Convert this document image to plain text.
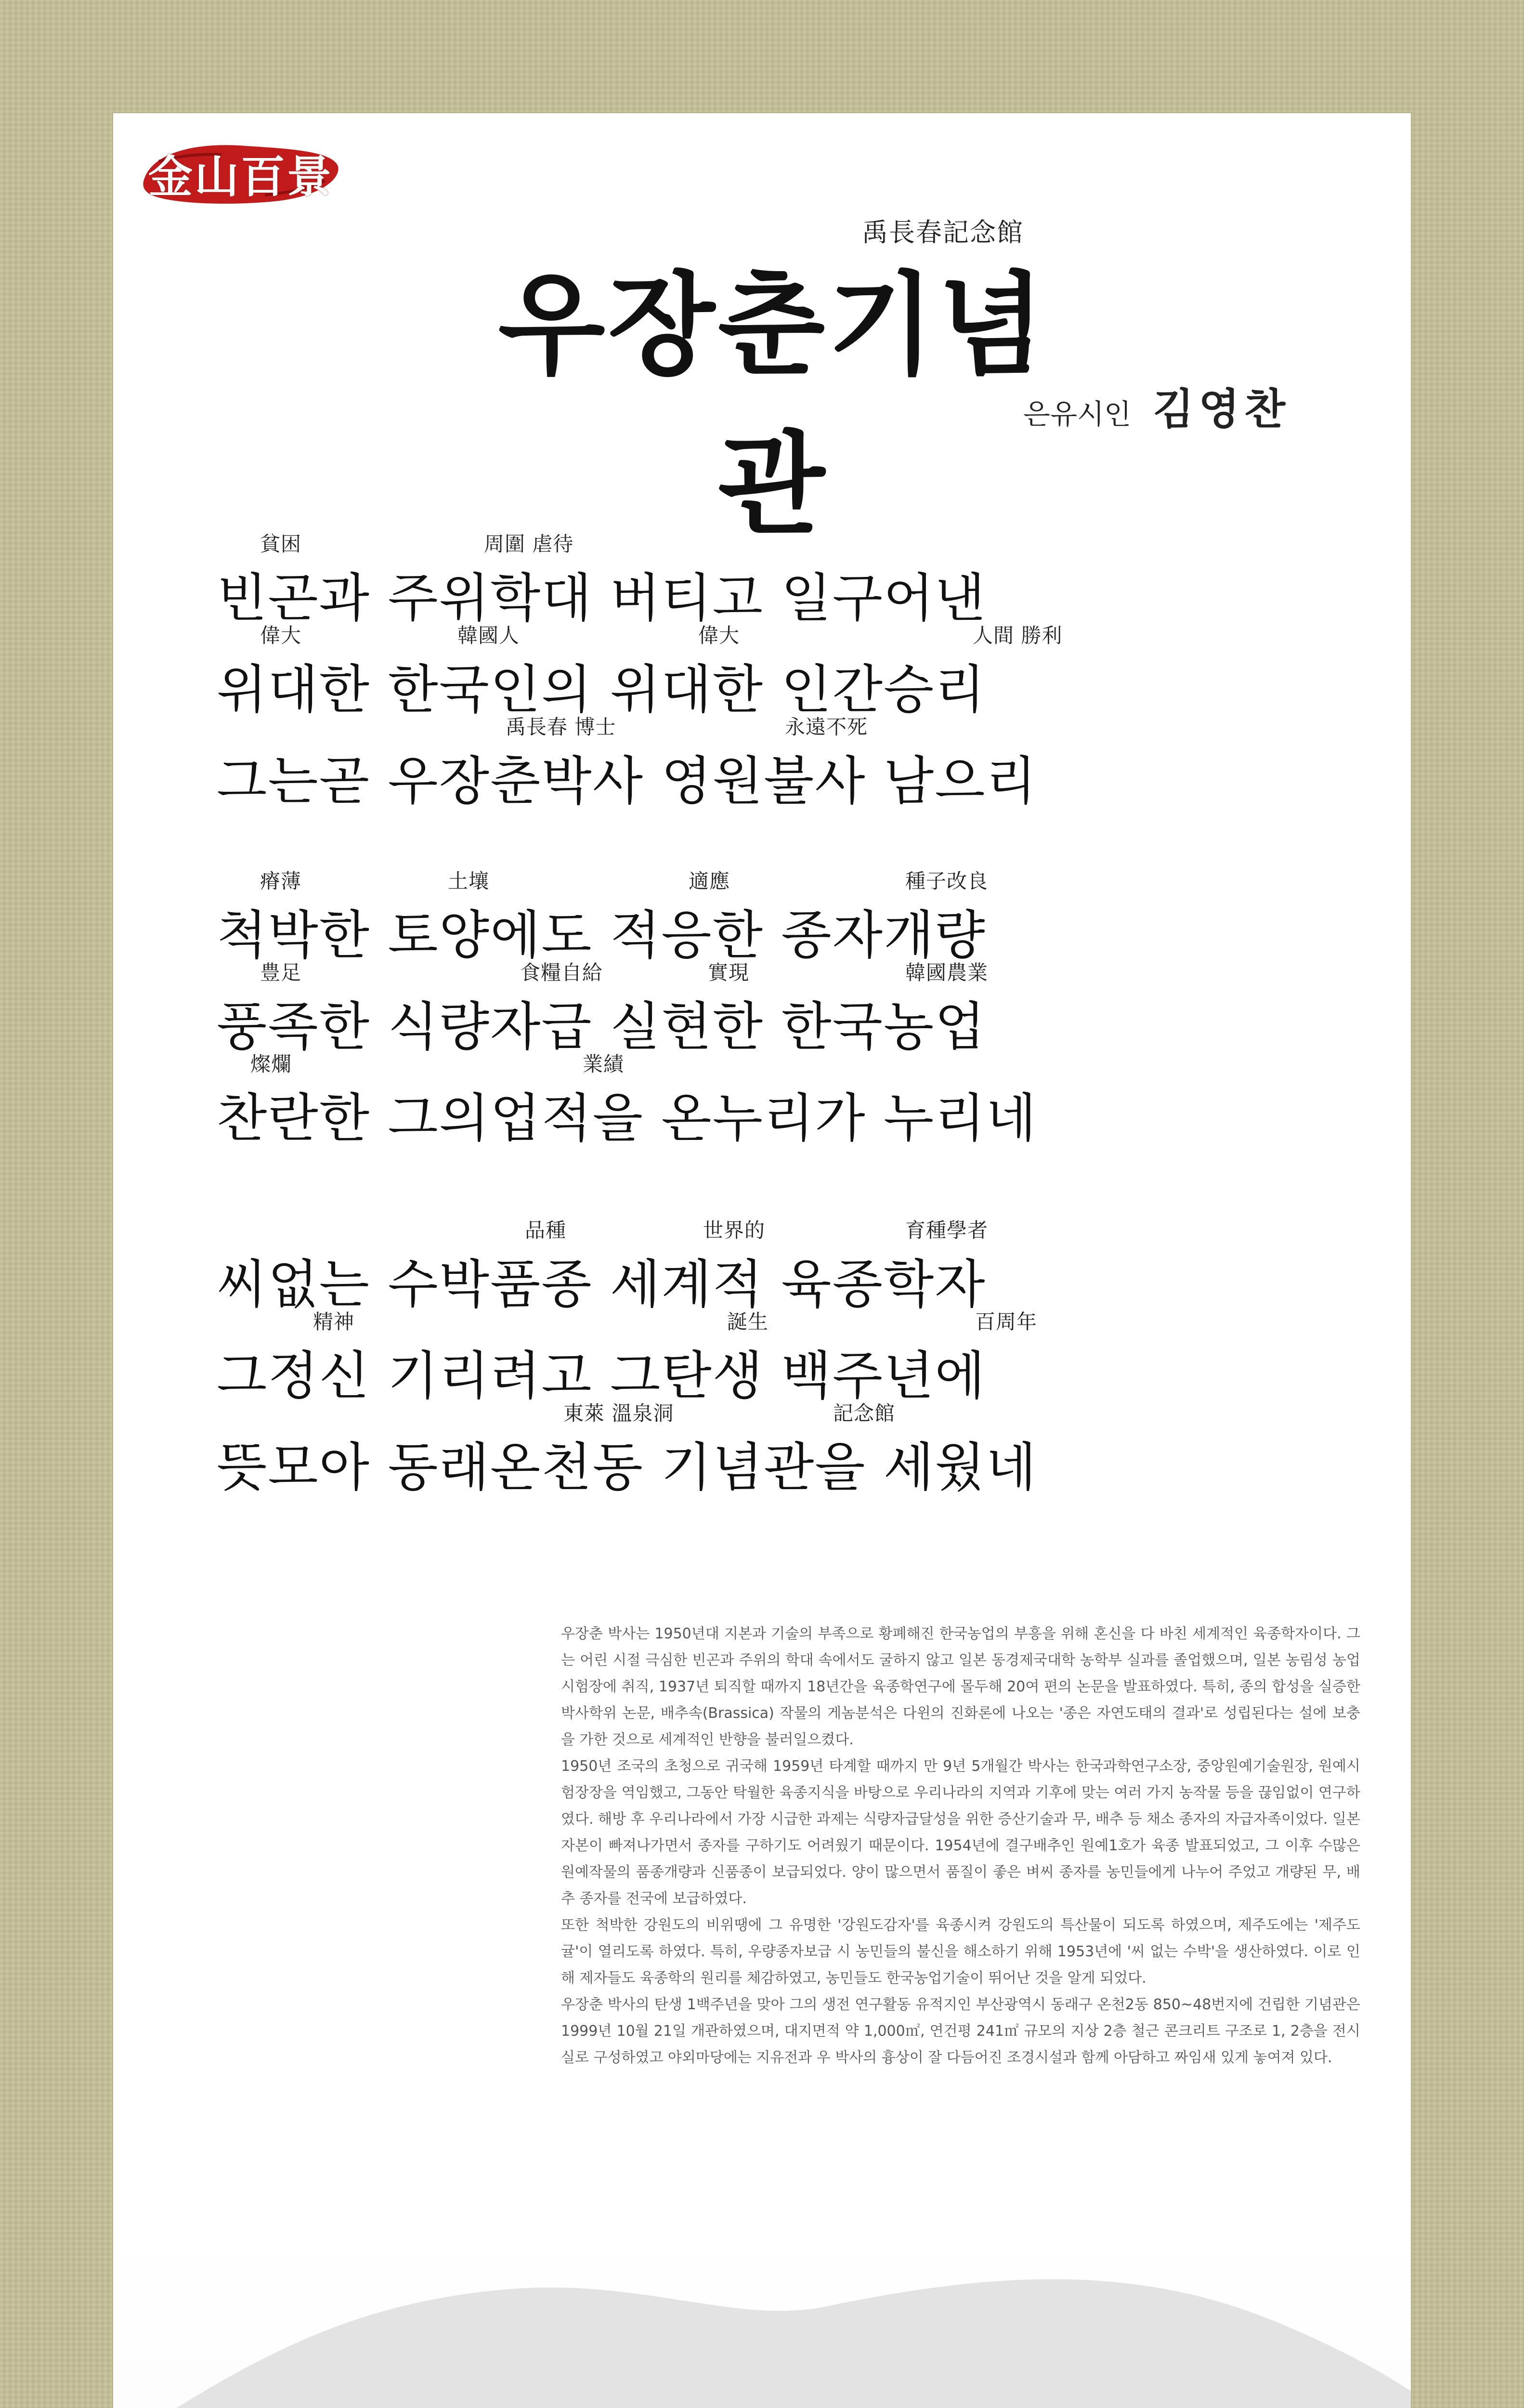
金山百景
禹長春記念館
우장춘기념관
은유시인 김영찬
貧困	周圍 虐待
빈곤과 주위학대 버티고 일구어낸
偉大	韓國人	偉大	人間 勝利
위대한 한국인의 위대한 인간승리
禹長春 博士	永遠不死
그는곧 우장춘박사 영원불사 남으리
瘠薄	土壤	適應	種子改良
척박한 토양에도 적응한 종자개량
豊足	食糧自給	實現	韓國農業
풍족한 식량자급 실현한 한국농업
燦爛	業績
찬란한 그의업적을 온누리가 누리네
品種	世界的	育種學者
씨없는 수박품종 세계적 육종학자
精神	誕生	百周年
그정신 기리려고 그탄생 백주년에
東萊 溫泉洞	記念館
뜻모아 동래온천동 기념관을 세웠네

우장춘 박사는 1950년대 지본과 기술의 부족으로 황폐해진 한국농업의 부흥을 위해 혼신을 다 바친 세계적인 육종학자이다. 그는 어린 시절 극심한 빈곤과 주위의 학대 속에서도 굴하지 않고 일본 동경제국대학 농학부 실과를 졸업했으며, 일본 농림성 농업시험장에 취직, 1937년 퇴직할 때까지 18년간을 육종학연구에 몰두해 20여 편의 논문을 발표하였다. 특히, 종의 합성을 실증한 박사학위 논문, 배추속(Brassica) 작물의 게놈분석은 다윈의 진화론에 나오는 '종은 자연도태의 결과'로 성립된다는 설에 보충을 가한 것으로 세계적인 반향을 불러일으켰다.

1950년 조국의 초청으로 귀국해 1959년 타계할 때까지 만 9년 5개월간 박사는 한국과학연구소장, 중앙원예기술원장, 원예시험장장을 역임했고, 그동안 탁월한 육종지식을 바탕으로 우리나라의 지역과 기후에 맞는 여러 가지 농작물 등을 끊임없이 연구하였다. 해방 후 우리나라에서 가장 시급한 과제는 식량자급달성을 위한 증산기술과 무, 배추 등 채소 종자의 자급자족이었다. 일본자본이 빠져나가면서 종자를 구하기도 어려웠기 때문이다. 1954년에 결구배추인 원예1호가 육종 발표되었고, 그 이후 수많은 원예작물의 품종개량과 신품종이 보급되었다. 양이 많으면서 품질이 좋은 벼씨 종자를 농민들에게 나누어 주었고 개량된 무, 배추 종자를 전국에 보급하였다.

또한 척박한 강원도의 비위땡에 그 유명한 '강원도감자'를 육종시켜 강원도의 특산물이 되도록 하였으며, 제주도에는 '제주도귤'이 열리도록 하였다. 특히, 우량종자보급 시 농민들의 불신을 해소하기 위해 1953년에 '씨 없는 수박'을 생산하였다. 이로 인해 제자들도 육종학의 원리를 체감하였고, 농민들도 한국농업기술이 뛰어난 것을 알게 되었다.

우장춘 박사의 탄생 1백주년을 맞아 그의 생전 연구활동 유적지인 부산광역시 동래구 온천2동 850~48번지에 건립한 기념관은 1999년 10월 21일 개관하였으며, 대지면적 약 1,000㎡, 연건평 241㎡ 규모의 지상 2층 철근 콘크리트 구조로 1, 2층을 전시실로 구성하였고 야외마당에는 지유전과 우 박사의 흉상이 잘 다듬어진 조경시설과 함께 아담하고 짜임새 있게 놓여져 있다.
